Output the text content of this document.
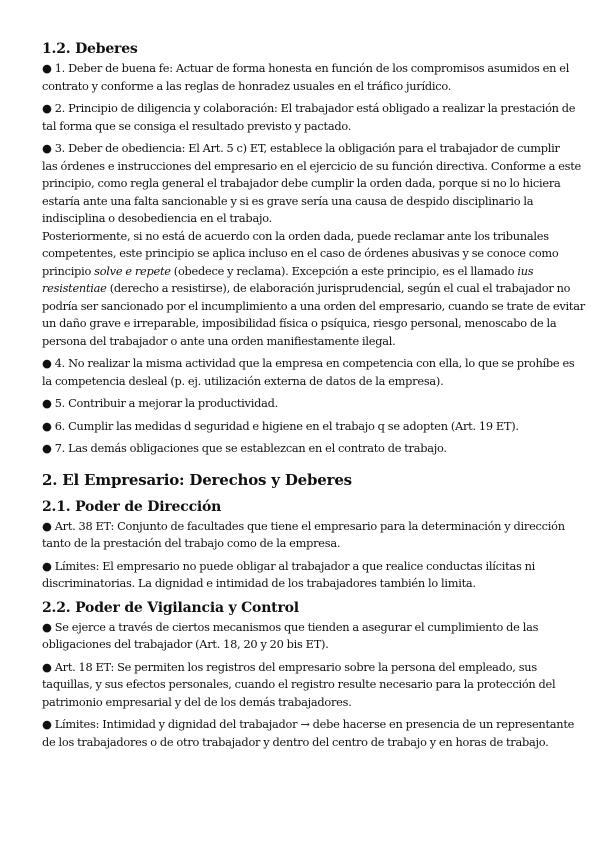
1.2. Deberes
● 1. Deber de buena fe: Actuar de forma honesta en función de los compromisos asumidos en el
contrato y conforme a las reglas de honradez usuales en el tráfico jurídico.
● 2. Principio de diligencia y colaboración: El trabajador está obligado a realizar la prestación de
tal forma que se consiga el resultado previsto y pactado.
● 3. Deber de obediencia: El Art. 5 c) ET, establece la obligación para el trabajador de cumplir
las órdenes e instrucciones del empresario en el ejercicio de su función directiva. Conforme a este
principio, como regla general el trabajador debe cumplir la orden dada, porque si no lo hiciera
estaría ante una falta sancionable y si es grave sería una causa de despido disciplinario la
indisciplina o desobediencia en el trabajo.
Posteriormente, si no está de acuerdo con la orden dada, puede reclamar ante los tribunales
competentes, este principio se aplica incluso en el caso de órdenes abusivas y se conoce como
principio solve e repete (obedece y reclama). Excepción a este principio, es el llamado ius
resistentiae (derecho a resistirse), de elaboración jurisprudencial, según el cual el trabajador no
podría ser sancionado por el incumplimiento a una orden del empresario, cuando se trate de evitar
un daño grave e irreparable, imposibilidad física o psíquica, riesgo personal, menoscabo de la
persona del trabajador o ante una orden manifiestamente ilegal.
● 4. No realizar la misma actividad que la empresa en competencia con ella, lo que se prohíbe es
la competencia desleal (p. ej. utilización externa de datos de la empresa).
● 5. Contribuir a mejorar la productividad.
● 6. Cumplir las medidas d seguridad e higiene en el trabajo q se adopten (Art. 19 ET).
● 7. Las demás obligaciones que se establezcan en el contrato de trabajo.
2. El Empresario: Derechos y Deberes
2.1. Poder de Dirección
● Art. 38 ET: Conjunto de facultades que tiene el empresario para la determinación y dirección
tanto de la prestación del trabajo como de la empresa.
● Límites: El empresario no puede obligar al trabajador a que realice conductas ilícitas ni
discriminatorias. La dignidad e intimidad de los trabajadores también lo limita.
2.2. Poder de Vigilancia y Control
● Se ejerce a través de ciertos mecanismos que tienden a asegurar el cumplimiento de las
obligaciones del trabajador (Art. 18, 20 y 20 bis ET).
● Art. 18 ET: Se permiten los registros del empresario sobre la persona del empleado, sus
taquillas, y sus efectos personales, cuando el registro resulte necesario para la protección del
patrimonio empresarial y del de los demás trabajadores.
● Límites: Intimidad y dignidad del trabajador → debe hacerse en presencia de un representante
de los trabajadores o de otro trabajador y dentro del centro de trabajo y en horas de trabajo.
